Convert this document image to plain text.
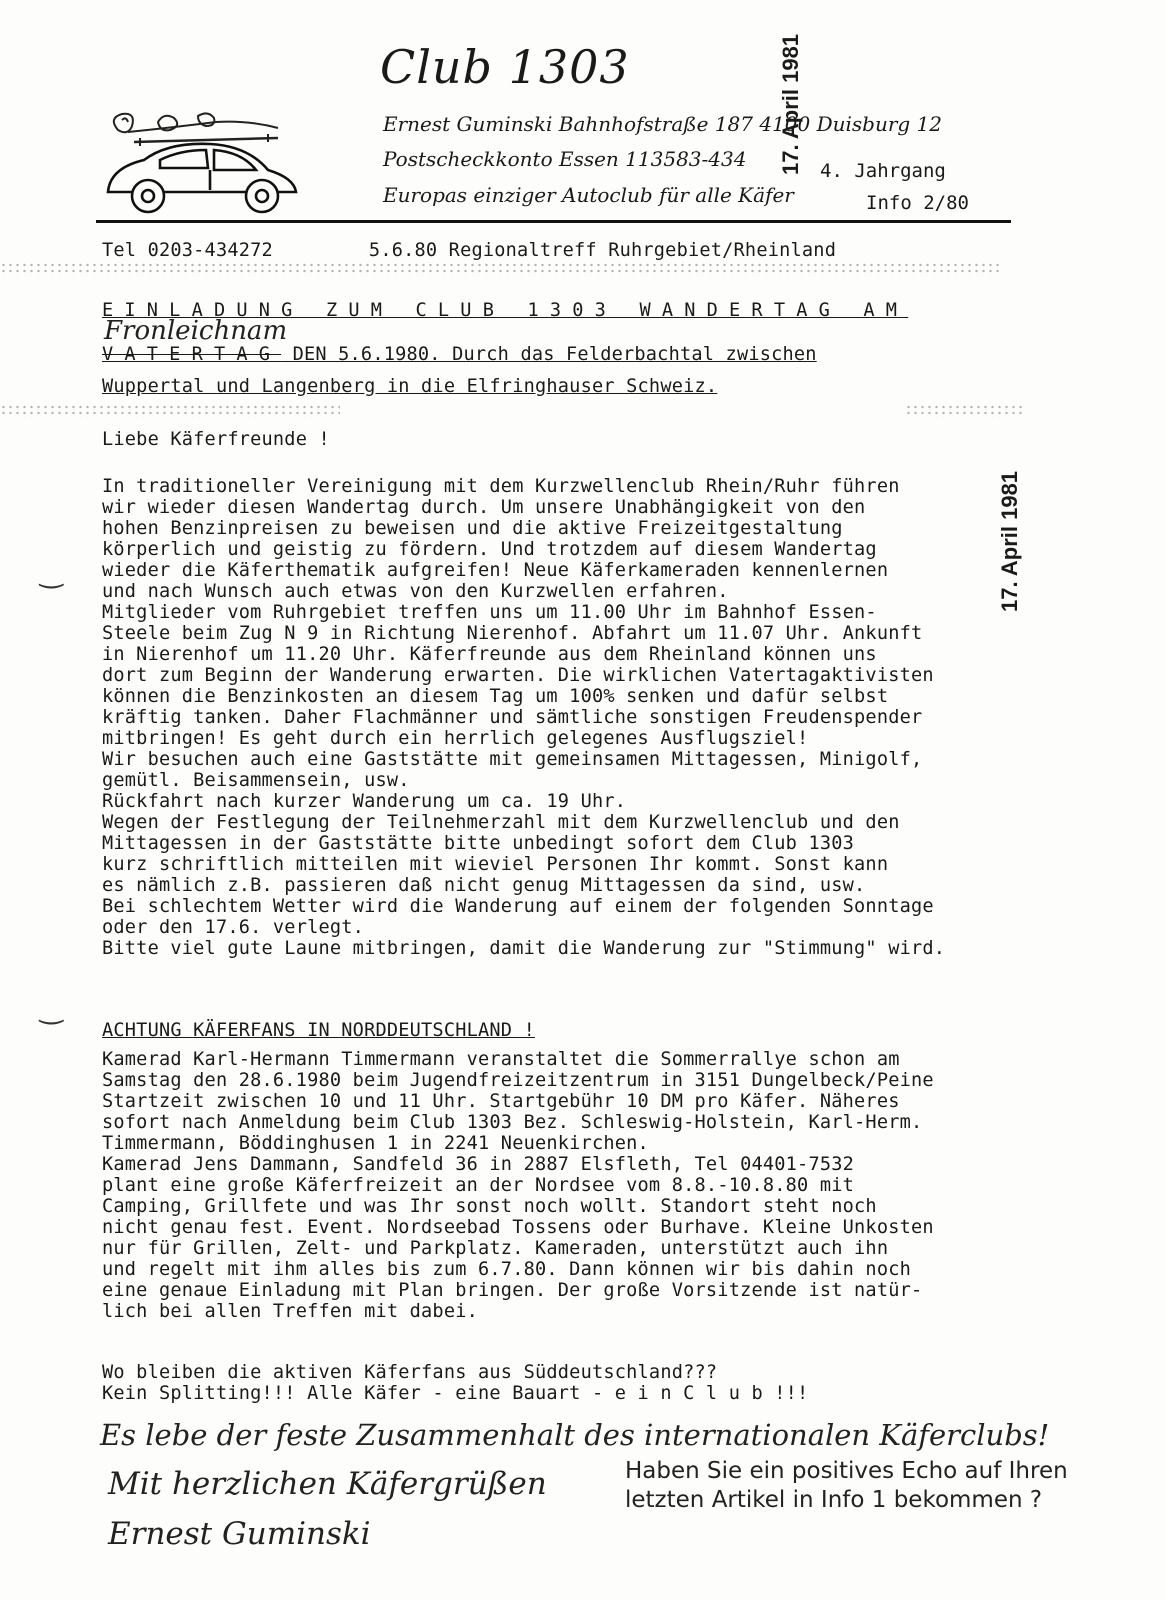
Club 1303
Ernest Guminski Bahnhofstraße 187 4100 Duisburg 12
Postscheckkonto Essen 113583-434	4. Jahrgang
Europas einziger Autoclub für alle Käfer	Info 2/80
17. April 1981
17. April 1981
Tel 0203-434272	5.6.80 Regionaltreff Ruhrgebiet/Rheinland
EINLADUNG ZUM CLUB 1303 WANDERTAG AM
Fronleichnam
VATERTAG DEN 5.6.1980. Durch das Felderbachtal zwischen
Wuppertal und Langenberg in die Elfringhauser Schweiz.
Liebe Käferfreunde !
In traditioneller Vereinigung mit dem Kurzwellenclub Rhein/Ruhr führen
wir wieder diesen Wandertag durch. Um unsere Unabhängigkeit von den
hohen Benzinpreisen zu beweisen und die aktive Freizeitgestaltung
körperlich und geistig zu fördern. Und trotzdem auf diesem Wandertag
wieder die Käferthematik aufgreifen! Neue Käferkameraden kennenlernen
und nach Wunsch auch etwas von den Kurzwellen erfahren.
Mitglieder vom Ruhrgebiet treffen uns um 11.00 Uhr im Bahnhof Essen-
Steele beim Zug N 9 in Richtung Nierenhof. Abfahrt um 11.07 Uhr. Ankunft
in Nierenhof um 11.20 Uhr. Käferfreunde aus dem Rheinland können uns
dort zum Beginn der Wanderung erwarten. Die wirklichen Vatertagaktivisten
können die Benzinkosten an diesem Tag um 100% senken und dafür selbst
kräftig tanken. Daher Flachmänner und sämtliche sonstigen Freudenspender
mitbringen! Es geht durch ein herrlich gelegenes Ausflugsziel!
Wir besuchen auch eine Gaststätte mit gemeinsamen Mittagessen, Minigolf,
gemütl. Beisammensein, usw.
Rückfahrt nach kurzer Wanderung um ca. 19 Uhr.
Wegen der Festlegung der Teilnehmerzahl mit dem Kurzwellenclub und den
Mittagessen in der Gaststätte bitte unbedingt sofort dem Club 1303
kurz schriftlich mitteilen mit wieviel Personen Ihr kommt. Sonst kann
es nämlich z.B. passieren daß nicht genug Mittagessen da sind, usw.
Bei schlechtem Wetter wird die Wanderung auf einem der folgenden Sonntage
oder den 17.6. verlegt.
Bitte viel gute Laune mitbringen, damit die Wanderung zur "Stimmung" wird.
‿
‿
ACHTUNG KÄFERFANS IN NORDDEUTSCHLAND !
Kamerad Karl-Hermann Timmermann veranstaltet die Sommerrallye schon am
Samstag den 28.6.1980 beim Jugendfreizeitzentrum in 3151 Dungelbeck/Peine
Startzeit zwischen 10 und 11 Uhr. Startgebühr 10 DM pro Käfer. Näheres
sofort nach Anmeldung beim Club 1303 Bez. Schleswig-Holstein, Karl-Herm.
Timmermann, Böddinghusen 1 in 2241 Neuenkirchen.
Kamerad Jens Dammann, Sandfeld 36 in 2887 Elsfleth, Tel 04401-7532
plant eine große Käferfreizeit an der Nordsee vom 8.8.-10.8.80 mit
Camping, Grillfete und was Ihr sonst noch wollt. Standort steht noch
nicht genau fest. Event. Nordseebad Tossens oder Burhave. Kleine Unkosten
nur für Grillen, Zelt- und Parkplatz. Kameraden, unterstützt auch ihn
und regelt mit ihm alles bis zum 6.7.80. Dann können wir bis dahin noch
eine genaue Einladung mit Plan bringen. Der große Vorsitzende ist natür-
lich bei allen Treffen mit dabei.
Wo bleiben die aktiven Käferfans aus Süddeutschland???
Kein Splitting!!! Alle Käfer - eine Bauart - e i n C l u b !!!
Es lebe der feste Zusammenhalt des internationalen Käferclubs!
Mit herzlichen Käfergrüßen
Ernest Guminski
Haben Sie ein positives Echo auf Ihren
letzten Artikel in Info 1 bekommen ?
